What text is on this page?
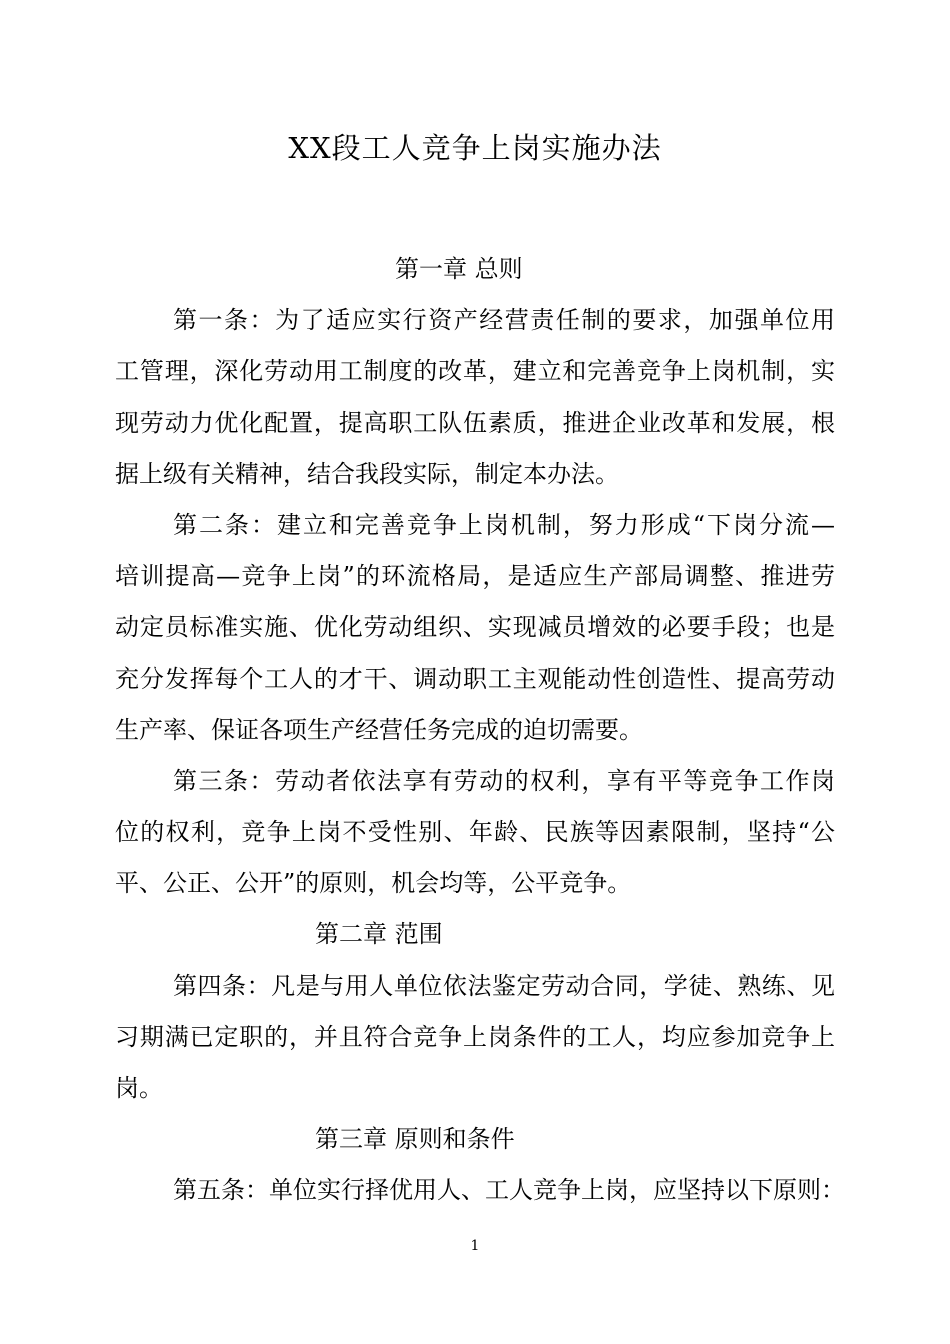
XX段工人竞争上岗实施办法
第一章 总则
第一条：为了适应实行资产经营责任制的要求，加强单位用
工管理，深化劳动用工制度的改革，建立和完善竞争上岗机制，实
现劳动力优化配置，提高职工队伍素质，推进企业改革和发展，根
据上级有关精神，结合我段实际，制定本办法。
第二条：建立和完善竞争上岗机制，努力形成“下岗分流—
培训提高—竞争上岗”的环流格局，是适应生产部局调整、推进劳
动定员标准实施、优化劳动组织、实现减员增效的必要手段；也是
充分发挥每个工人的才干、调动职工主观能动性创造性、提高劳动
生产率、保证各项生产经营任务完成的迫切需要。
第三条：劳动者依法享有劳动的权利，享有平等竞争工作岗
位的权利，竞争上岗不受性别、年龄、民族等因素限制，坚持“公
平、公正、公开”的原则，机会均等，公平竞争。
第二章 范围
第四条：凡是与用人单位依法鉴定劳动合同，学徒、熟练、见
习期满已定职的，并且符合竞争上岗条件的工人，均应参加竞争上
岗。
第三章 原则和条件
第五条：单位实行择优用人、工人竞争上岗，应坚持以下原则：
1
